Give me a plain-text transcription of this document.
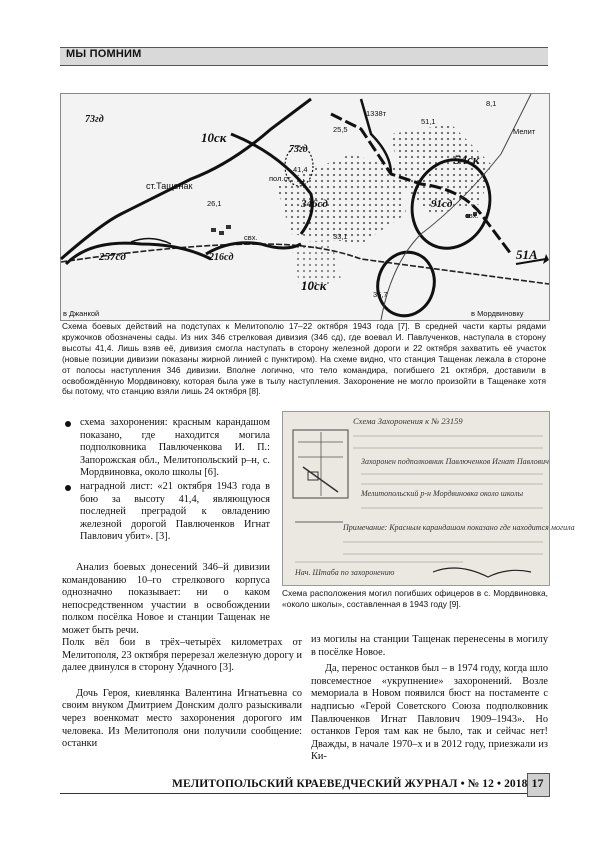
МЫ ПОМНИМ
73гд
10ск
73гд
54ск
257сд	216сд
346сд	91сд
51А
10ск
пол.ст.
ст.Тащенак
в Джанкой	в Мордвиновку
Мелит
свх.
свх.
Н.
1338т
25,5
26,1
33,1
35,7
41,4
51,1
8,1
Схема боевых действий на подступах к Мелитополю 17–22 октября 1943 года [7]. В средней части карты рядами кружочков обозначены сады. Из них 346 стрелковая дивизия (346 сд), где воевал И. Павлученков, наступала в сторону высоты 41,4. Лишь взяв её, дивизия смогла наступать в сторону железной дороги и 22 октября захватить её участок (новые позиции дивизии показаны жирной линией с пунктиром). На схеме видно, что станция Тащенак лежала в стороне от полосы наступления 346 дивизии. Вполне логично, что тело командира, погибшего 21 октября, доставили в освобождённую Мордвиновку, которая была уже в тылу наступления. Захоронение не могло произойти в Тащенаке хотя бы потому, что станцию взяли лишь 24 октября [8].
схема захоронения: красным карандашом показано, где находится могила подполковника Павлюченкова И. П.: Запорожская обл., Мелитопольский р–н, с. Мордвиновка, около школы [6].
наградной лист: «21 октября 1943 года в бою за высоту 41,4, являющуюся последней преградой к овладению железной дорогой Павлюченков Игнат Павлович убит». [3].
Анализ боевых донесений 346–й дивизии командованию 10–го стрелкового корпуса однозначно показывает: ни о каком непосредственном участии в освобождении полком посёлка Новое и станции Тащенак не может быть речи.
Полк вёл бои в трёх–четырёх километрах от Мелитополя, 23 октября перерезал железную дорогу и далее двинулся в сторону Удачного [3].
Дочь Героя, киевлянка Валентина Игнатьевна со своим внуком Дмитрием Донским долго разыскивали через военкомат место захоронения дорогого им человека. Из Мелитополя они получили сообщение: останки
Схема Захоронения к № 23159
Захоронен подполковник Павлюченков Игнат Павлович
Мелитопольский р-н Мордвиновка около школы
Примечание: Красным карандашом показано где находится могила
Нач. Штаба по захоронению
Схема расположения могил погибших офицеров в с. Мордвиновка, «около школы», составленная в 1943 году [9].
из могилы на станции Тащенак перенесены в могилу в посёлке Новое.
Да, перенос останков был – в 1974 году, когда шло повсеместное «укрупнение» захоронений. Возле мемориала в Новом появился бюст на постаменте с надписью «Герой Советского Союза подполковник Павлюченков Игнат Павлович 1909–1943». Но останков Героя там как не было, так и сейчас нет! Дважды, в начале 1970–х и в 2012 году, приезжали из Ки-
МЕЛИТОПОЛЬСКИЙ КРАЕВЕДЧЕСКИЙ ЖУРНАЛ • № 12 • 2018 17
